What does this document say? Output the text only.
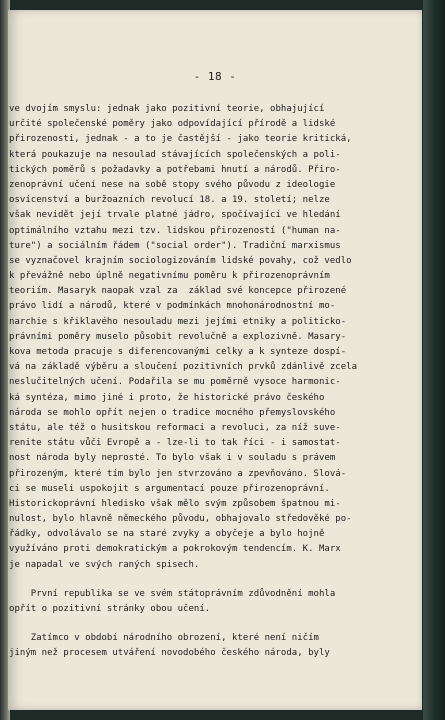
- 18 -
ve dvojím smyslu: jednak jako pozitivní teorie, obhajující
určité společenské poměry jako odpovídající přírodě a lidské
přirozenosti, jednak - a to je častější - jako teorie kritická,
která poukazuje na nesoulad stávajících společenských a poli-
tických poměrů s požadavky a potřebami hnutí a národů. Přiro-
zenoprávní učení nese na sobě stopy svého původu z ideologie
osvícenství a buržoazních revolucí 18. a 19. století; nelze
však nevidět její trvale platné jádro, spočívající ve hledání
optimálního vztahu mezi tzv. lidskou přirozeností ("human na-
ture") a sociálním řádem ("social order"). Tradiční marxismus
se vyznačovel krajním sociologizováním lidské povahy, což vedlo
k převážně nebo úplně negativnímu poměru k přirozenoprávním
teoriím. Masaryk naopak vzal za  základ své koncepce přirozené
právo lidí a národů, které v podmínkách mnohonárodnostní mo-
narchie s křiklavého nesouladu mezi jejími etniky a politicko-
právními poměry muselo působit revolučně a explozivně. Masary-
kova metoda pracuje s diferencovanými celky a k synteze dospí-
vá na základě výběru a sloučení pozitivních prvků zdánlivě zcela
neslučitelných učení. Podařila se mu poměrně vysoce harmonic-
ká syntéza, mimo jiné i proto, že historické právo českého
národa se mohlo opřít nejen o tradice mocného přemyslovského
státu, ale též o husitskou reformaci a revoluci, za níž suve-
renite státu vůči Evropě a - lze-li to tak říci - i samostat-
nost národa byly neprosté. To bylo však i v souladu s právem
přirozeným, které tím bylo jen stvrzováno a zpevňováno. Slová-
ci se museli uspokojit s argumentací pouze přirozenoprávní.
Historickoprávní hledisko však mělo svým způsobem špatnou mi-
nulost, bylo hlavně německého původu, obhajovalo středověké po-
řádky, odvolávalo se na staré zvyky a obyčeje a bylo hojně
využíváno proti demokratickým a pokrokovým tendencím. K. Marx
je napadal ve svých raných spisech.
První republika se ve svém státoprávním zdůvodnění mohla
opřít o pozitivní stránky obou učení.
Zatímco v období národního obrození, které není ničím
jiným než procesem utváření novodobého českého národa, byly
